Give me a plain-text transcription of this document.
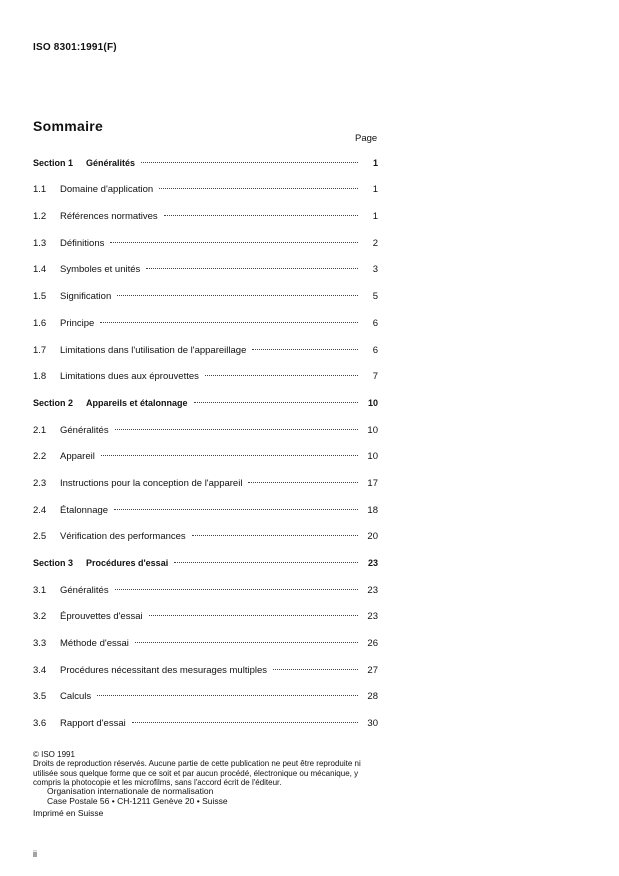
ISO 8301:1991(F)
Sommaire
Page
Section 1 Généralités	1
1.1	Domaine d'application	1
1.2	Références normatives	1
1.3	Définitions	2
1.4	Symboles et unités	3
1.5	Signification	5
1.6	Principe	6
1.7	Limitations dans l'utilisation de l'appareillage	6
1.8	Limitations dues aux éprouvettes	7
Section 2 Appareils et étalonnage	10
2.1	Généralités	10
2.2	Appareil	10
2.3	Instructions pour la conception de l'appareil	17
2.4	Étalonnage	18
2.5	Vérification des performances	20
Section 3 Procédures d'essai	23
3.1	Généralités	23
3.2	Éprouvettes d'essai	23
3.3	Méthode d'essai	26
3.4	Procédures nécessitant des mesurages multiples	27
3.5	Calculs	28
3.6	Rapport d'essai	30
© ISO 1991
Droits de reproduction réservés. Aucune partie de cette publication ne peut être reproduite ni utilisée sous quelque forme que ce soit et par aucun procédé, électronique ou mécanique, y compris la photocopie et les microfilms, sans l'accord écrit de l'éditeur.
Organisation internationale de normalisation
Case Postale 56 • CH-1211 Genève 20 • Suisse
Imprimé en Suisse
ii
